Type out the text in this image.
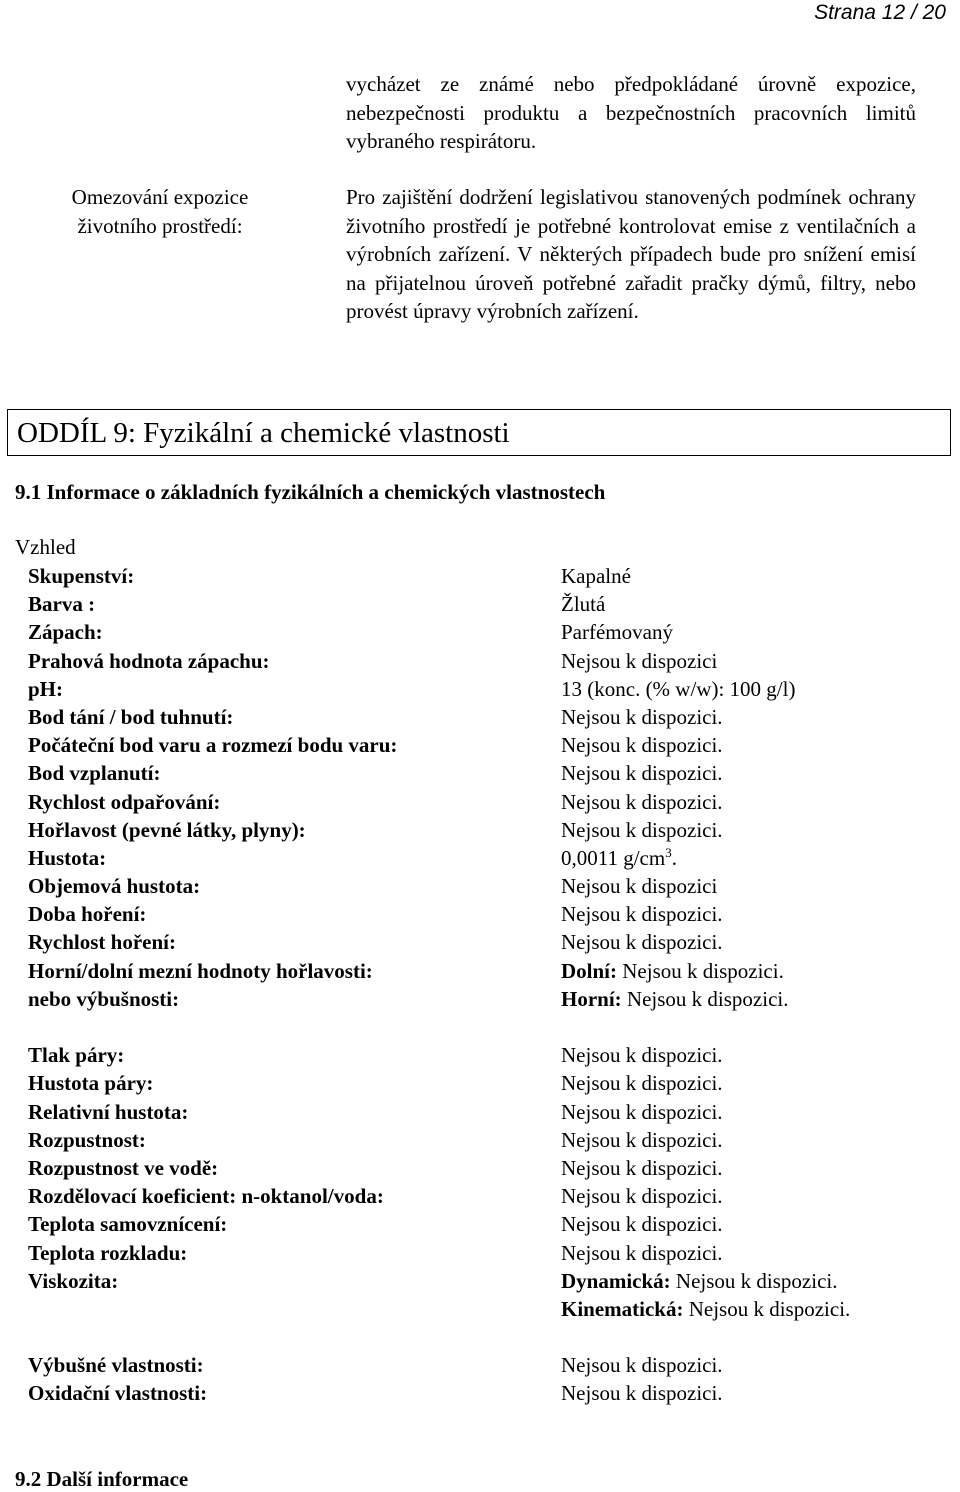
Strana 12 / 20
vycházet ze známé nebo předpokládané úrovně expozice, nebezpečnosti produktu a bezpečnostních pracovních limitů vybraného respirátoru.
Omezování expozice životního prostředí:
Pro zajištění dodržení legislativou stanovených podmínek ochrany životního prostředí je potřebné kontrolovat emise z ventilačních a výrobních zařízení. V některých případech bude pro snížení emisí na přijatelnou úroveň potřebné zařadit pračky dýmů, filtry, nebo provést úpravy výrobních zařízení.
ODDÍL 9: Fyzikální a chemické vlastnosti
9.1 Informace o základních fyzikálních a chemických vlastnostech
Vzhled
Skupenství:	Kapalné
Barva :	Žlutá
Zápach:	Parfémovaný
Prahová hodnota zápachu:	Nejsou k dispozici
pH:	13 (konc. (% w/w): 100 g/l)
Bod tání / bod tuhnutí:	Nejsou k dispozici.
Počáteční bod varu a rozmezí bodu varu:	Nejsou k dispozici.
Bod vzplanutí:	Nejsou k dispozici.
Rychlost odpařování:	Nejsou k dispozici.
Hořlavost (pevné látky, plyny):	Nejsou k dispozici.
Hustota:	0,0011 $g/cm^3$.
Objemová hustota:	Nejsou k dispozici
Doba hoření:	Nejsou k dispozici.
Rychlost hoření:	Nejsou k dispozici.
Horní/dolní mezní hodnoty hořlavosti:	Dolní: Nejsou k dispozici.
nebo výbušnosti:	Horní: Nejsou k dispozici.
Tlak páry:	Nejsou k dispozici.
Hustota páry:	Nejsou k dispozici.
Relativní hustota:	Nejsou k dispozici.
Rozpustnost:	Nejsou k dispozici.
Rozpustnost ve vodě:	Nejsou k dispozici.
Rozdělovací koeficient: n-oktanol/voda:	Nejsou k dispozici.
Teplota samovznícení:	Nejsou k dispozici.
Teplota rozkladu:	Nejsou k dispozici.
Viskozita:	Dynamická: Nejsou k dispozici.
Kinematická: Nejsou k dispozici.
Výbušné vlastnosti:	Nejsou k dispozici.
Oxidační vlastnosti:	Nejsou k dispozici.
9.2 Další informace
